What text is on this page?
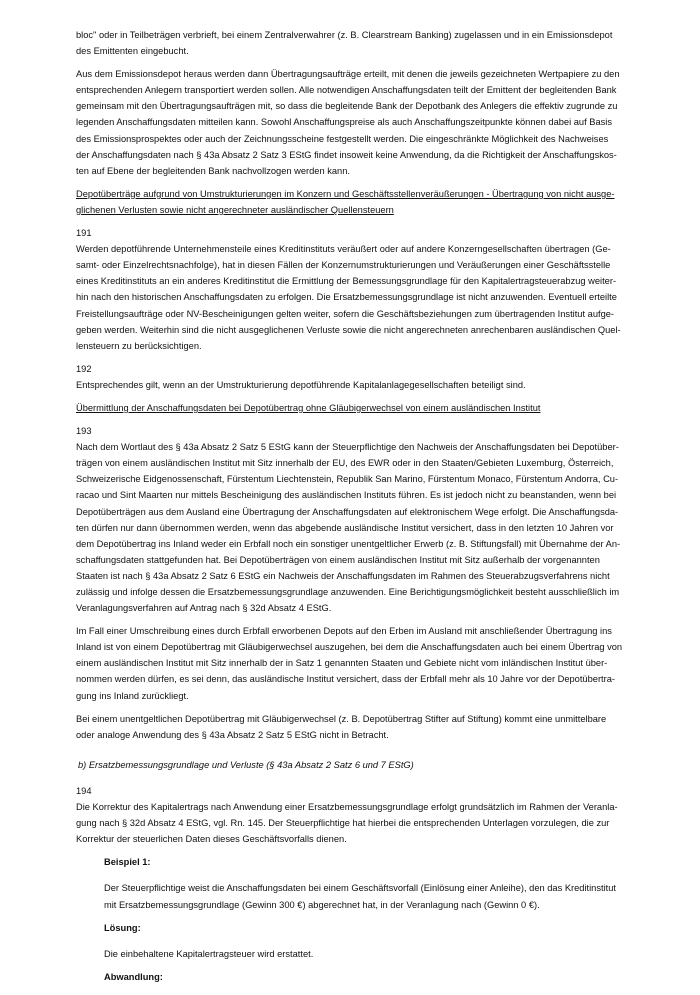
bloc" oder in Teilbeträgen verbrieft, bei einem Zentralverwahrer (z. B. Clearstream Banking) zugelassen und in ein Emissionsdepot
des Emittenten eingebucht.
Aus dem Emissionsdepot heraus werden dann Übertragungsaufträge erteilt, mit denen die jeweils gezeichneten Wertpapiere zu den
entsprechenden Anlegern transportiert werden sollen. Alle notwendigen Anschaffungsdaten teilt der Emittent der begleitenden Bank
gemeinsam mit den Übertragungsaufträgen mit, so dass die begleitende Bank der Depotbank des Anlegers die effektiv zugrunde zu
legenden Anschaffungsdaten mitteilen kann. Sowohl Anschaffungspreise als auch Anschaffungszeitpunkte können dabei auf Basis
des Emissionsprospektes oder auch der Zeichnungsscheine festgestellt werden. Die eingeschränkte Möglichkeit des Nachweises
der Anschaffungsdaten nach § 43a Absatz 2 Satz 3 EStG findet insoweit keine Anwendung, da die Richtigkeit der Anschaffungskos-
ten auf Ebene der begleitenden Bank nachvollzogen werden kann.
Depotüberträge aufgrund von Umstrukturierungen im Konzern und Geschäftsstellenveräußerungen - Übertragung von nicht ausge-
glichenen Verlusten sowie nicht angerechneter ausländischer Quellensteuern
191
Werden depotführende Unternehmensteile eines Kreditinstituts veräußert oder auf andere Konzerngesellschaften übertragen (Ge-
samt- oder Einzelrechtsnachfolge), hat in diesen Fällen der Konzernumstrukturierungen und Veräußerungen einer Geschäftsstelle
eines Kreditinstituts an ein anderes Kreditinstitut die Ermittlung der Bemessungsgrundlage für den Kapitalertragsteuerabzug weiter-
hin nach den historischen Anschaffungsdaten zu erfolgen. Die Ersatzbemessungsgrundlage ist nicht anzuwenden. Eventuell erteilte
Freistellungsaufträge oder NV-Bescheinigungen gelten weiter, sofern die Geschäftsbeziehungen zum übertragenden Institut aufge-
geben werden. Weiterhin sind die nicht ausgeglichenen Verluste sowie die nicht angerechneten anrechenbaren ausländischen Quel-
lensteuern zu berücksichtigen.
192
Entsprechendes gilt, wenn an der Umstrukturierung depotführende Kapitalanlagegesellschaften beteiligt sind.
Übermittlung der Anschaffungsdaten bei Depotübertrag ohne Gläubigerwechsel von einem ausländischen Institut
193
Nach dem Wortlaut des § 43a Absatz 2 Satz 5 EStG kann der Steuerpflichtige den Nachweis der Anschaffungsdaten bei Depotüber-
trägen von einem ausländischen Institut mit Sitz innerhalb der EU, des EWR oder in den Staaten/Gebieten Luxemburg, Österreich,
Schweizerische Eidgenossenschaft, Fürstentum Liechtenstein, Republik San Marino, Fürstentum Monaco, Fürstentum Andorra, Cu-
racao und Sint Maarten nur mittels Bescheinigung des ausländischen Instituts führen. Es ist jedoch nicht zu beanstanden, wenn bei
Depotüberträgen aus dem Ausland eine Übertragung der Anschaffungsdaten auf elektronischem Wege erfolgt. Die Anschaffungsda-
ten dürfen nur dann übernommen werden, wenn das abgebende ausländische Institut versichert, dass in den letzten 10 Jahren vor
dem Depotübertrag ins Inland weder ein Erbfall noch ein sonstiger unentgeltlicher Erwerb (z. B. Stiftungsfall) mit Übernahme der An-
schaffungsdaten stattgefunden hat. Bei Depotüberträgen von einem ausländischen Institut mit Sitz außerhalb der vorgenannten
Staaten ist nach § 43a Absatz 2 Satz 6 EStG ein Nachweis der Anschaffungsdaten im Rahmen des Steuerabzugsverfahrens nicht
zulässig und infolge dessen die Ersatzbemessungsgrundlage anzuwenden. Eine Berichtigungsmöglichkeit besteht ausschließlich im
Veranlagungsverfahren auf Antrag nach § 32d Absatz 4 EStG.
Im Fall einer Umschreibung eines durch Erbfall erworbenen Depots auf den Erben im Ausland mit anschließender Übertragung ins
Inland ist von einem Depotübertrag mit Gläubigerwechsel auszugehen, bei dem die Anschaffungsdaten auch bei einem Übertrag von
einem ausländischen Institut mit Sitz innerhalb der in Satz 1 genannten Staaten und Gebiete nicht vom inländischen Institut über-
nommen werden dürfen, es sei denn, das ausländische Institut versichert, dass der Erbfall mehr als 10 Jahre vor der Depotübertra-
gung ins Inland zurückliegt.
Bei einem unentgeltlichen Depotübertrag mit Gläubigerwechsel (z. B. Depotübertrag Stifter auf Stiftung) kommt eine unmittelbare
oder analoge Anwendung des § 43a Absatz 2 Satz 5 EStG nicht in Betracht.
b) Ersatzbemessungsgrundlage und Verluste (§ 43a Absatz 2 Satz 6 und 7 EStG)
194
Die Korrektur des Kapitalertrags nach Anwendung einer Ersatzbemessungsgrundlage erfolgt grundsätzlich im Rahmen der Veranla-
gung nach § 32d Absatz 4 EStG, vgl. Rn. 145. Der Steuerpflichtige hat hierbei die entsprechenden Unterlagen vorzulegen, die zur
Korrektur der steuerlichen Daten dieses Geschäftsvorfalls dienen.
Beispiel 1:
Der Steuerpflichtige weist die Anschaffungsdaten bei einem Geschäftsvorfall (Einlösung einer Anleihe), den das Kreditinstitut
mit Ersatzbemessungsgrundlage (Gewinn 300 €) abgerechnet hat, in der Veranlagung nach (Gewinn 0 €).
Lösung:
Die einbehaltene Kapitalertragsteuer wird erstattet.
Abwandlung:
